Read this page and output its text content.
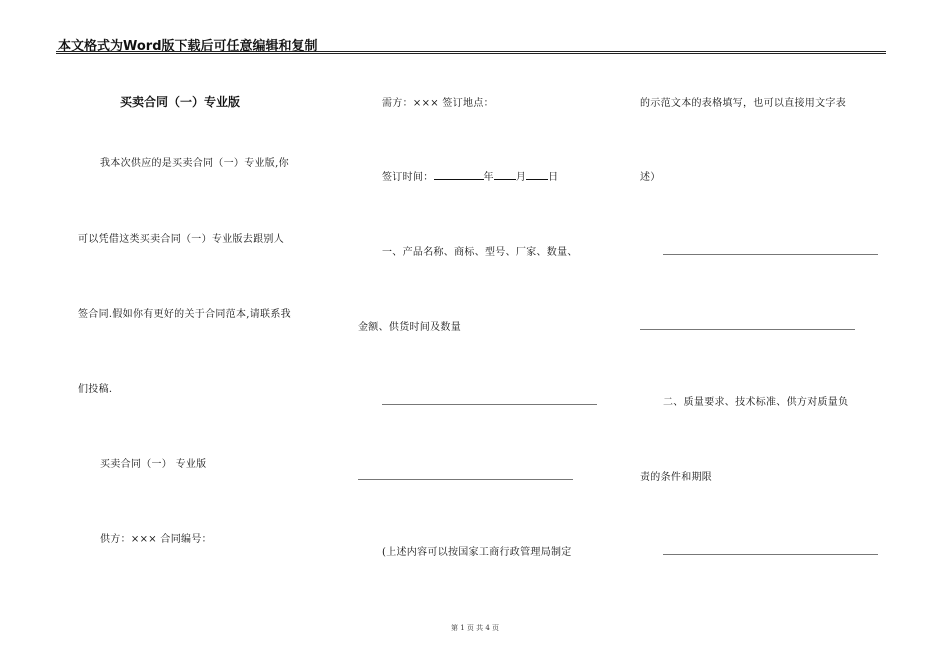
本文格式为Word版下载后可任意编辑和复制
买卖合同（一）专业版
我本次供应的是买卖合同（一）专业版,你
可以凭借这类买卖合同（一）专业版去跟别人
签合同.假如你有更好的关于合同范本,请联系我
们投稿.
买卖合同（一） 专业版
供方：××× 合同编号：
需方：××× 签订地点：
签订时间：	年 月 日
一、产品名称、商标、型号、厂家、数量、
金额、供货时间及数量
(上述内容可以按国家工商行政管理局制定
的示范文本的表格填写，也可以直接用文字表
述）
二、质量要求、技术标准、供方对质量负
责的条件和期限
第 1 页 共 4 页
